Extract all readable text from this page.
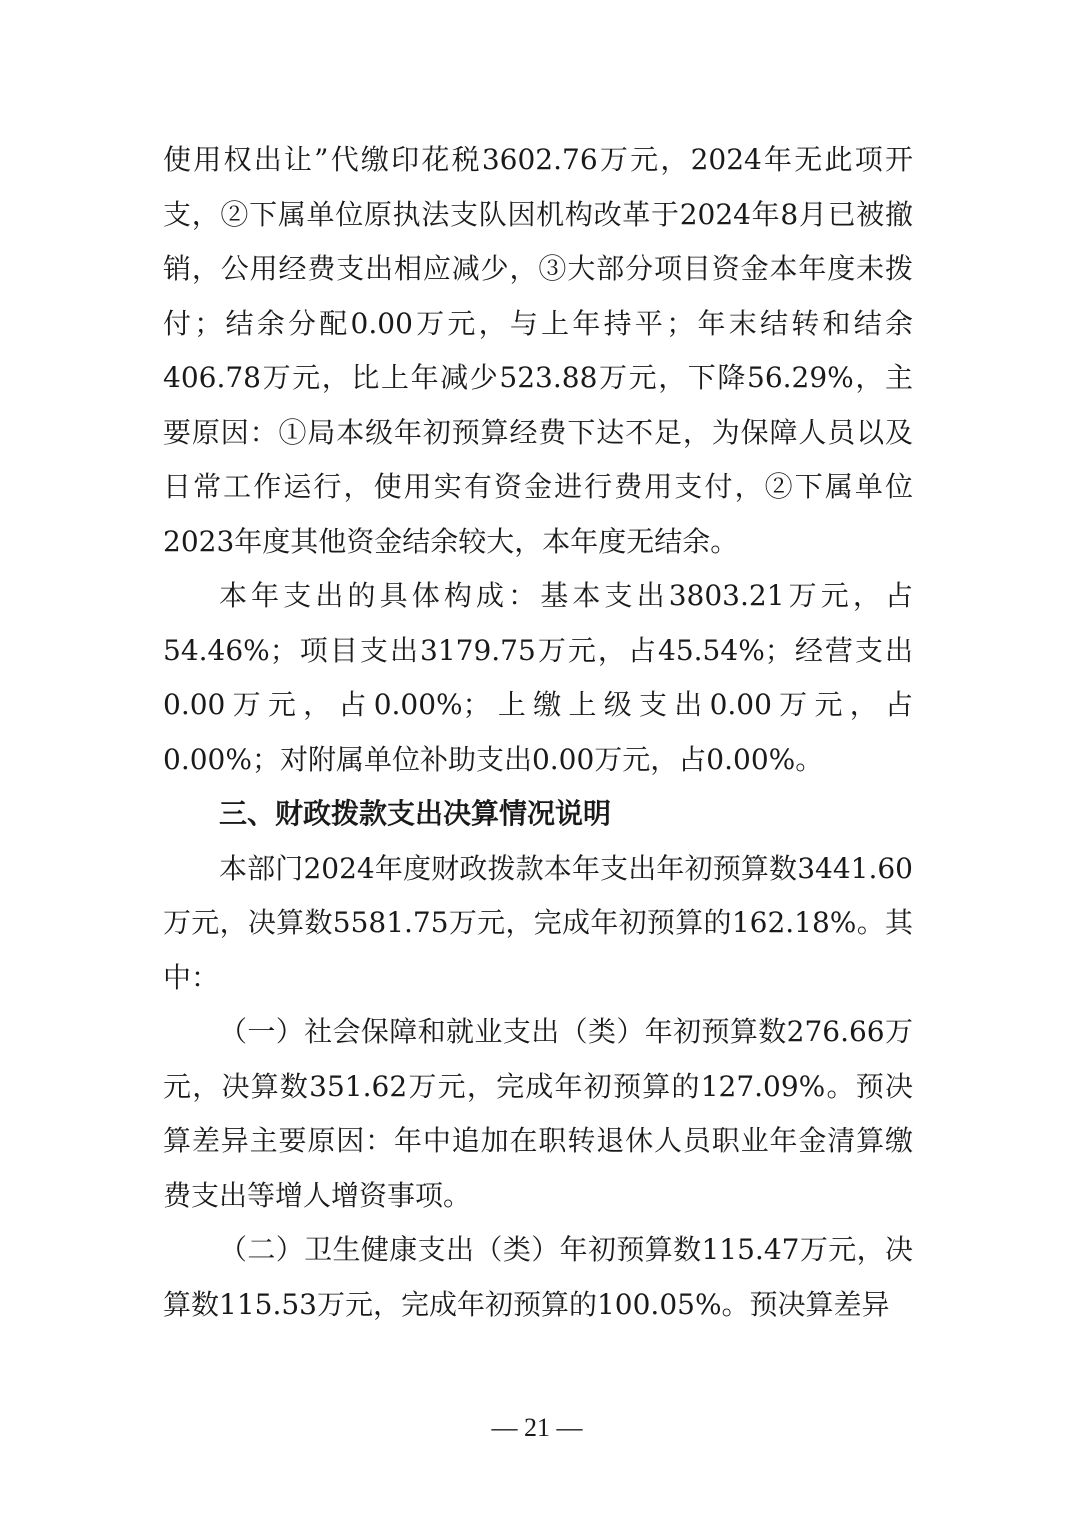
使用权出让”代缴印花税3602.76万元，2024年无此项开支，②下属单位原执法支队因机构改革于2024年8月已被撤销，公用经费支出相应减少，③大部分项目资金本年度未拨付；结余分配0.00万元，与上年持平；年末结转和结余406.78万元，比上年减少523.88万元，下降56.29%，主要原因：①局本级年初预算经费下达不足，为保障人员以及日常工作运行，使用实有资金进行费用支付，②下属单位2023年度其他资金结余较大，本年度无结余。

本年支出的具体构成：基本支出3803.21万元，占54.46%；项目支出3179.75万元，占45.54%；经营支出0.00万元，占0.00%；上缴上级支出0.00万元，占0.00%；对附属单位补助支出0.00万元，占0.00%。

三、财政拨款支出决算情况说明

本部门2024年度财政拨款本年支出年初预算数3441.60万元，决算数5581.75万元，完成年初预算的162.18%。其中：

（一）社会保障和就业支出（类）年初预算数276.66万元，决算数351.62万元，完成年初预算的127.09%。预决算差异主要原因：年中追加在职转退休人员职业年金清算缴费支出等增人增资事项。

（二）卫生健康支出（类）年初预算数115.47万元，决算数115.53万元，完成年初预算的100.05%。预决算差异

— 21 —
